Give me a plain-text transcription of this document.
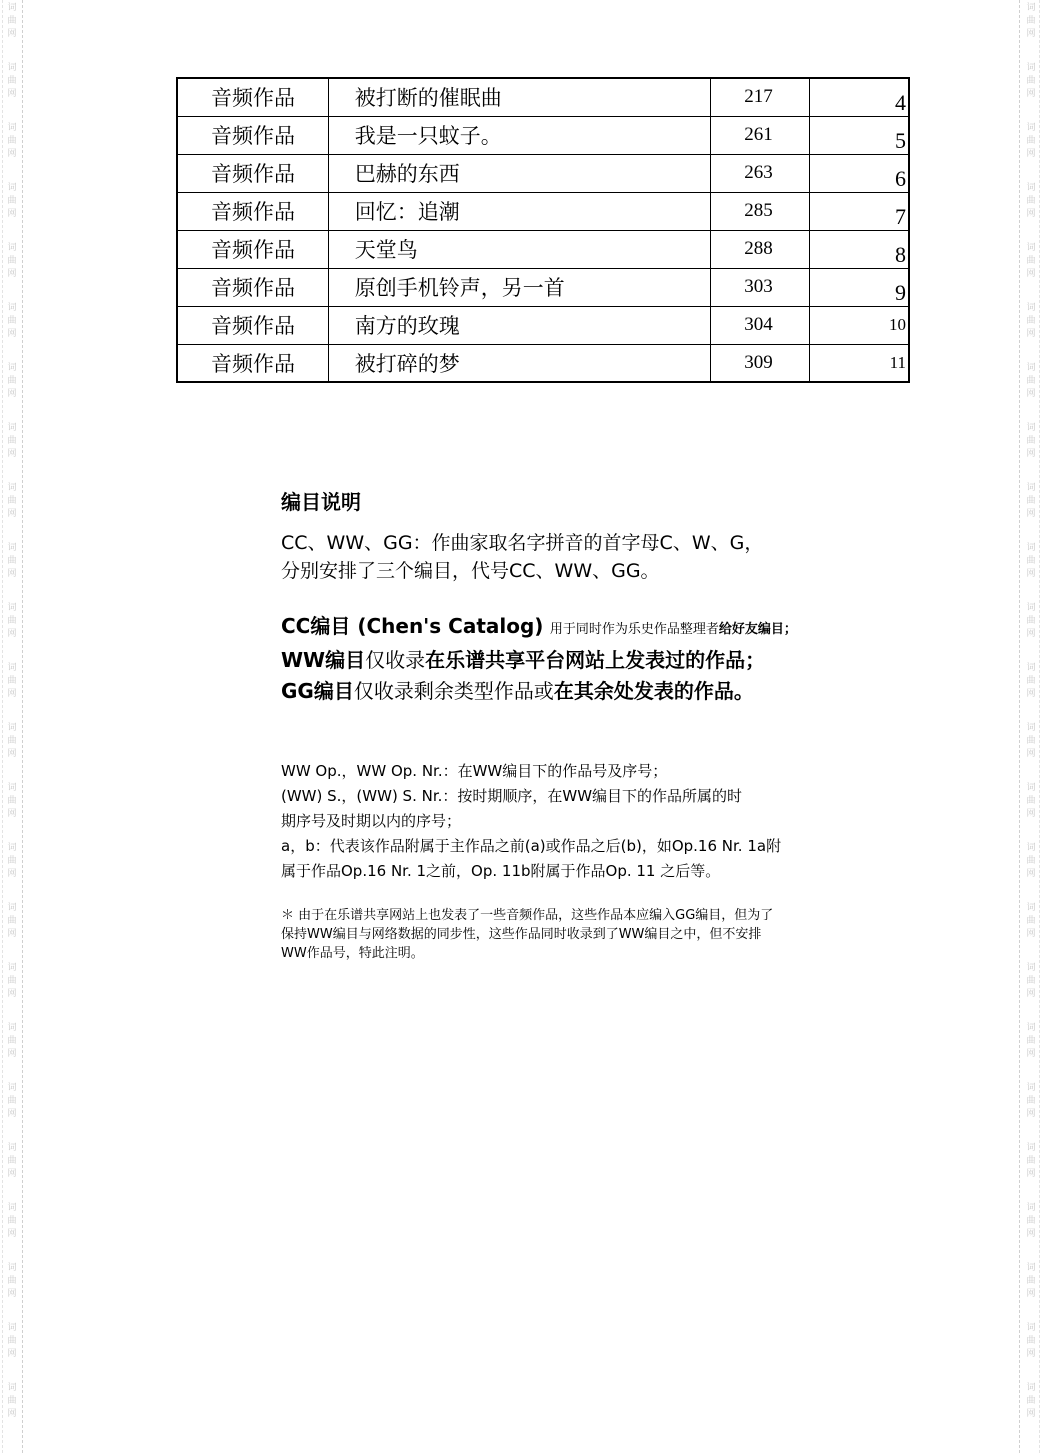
词
曲
网
词
曲
网
词
曲
网
词
曲
网
词
曲
网
词
曲
网
词
曲
网
词
曲
网
词
曲
网
词
曲
网
词
曲
网
词
曲
网
词
曲
网
词
曲
网
词
曲
网
词
曲
网
词
曲
网
词
曲
网
词
曲
网
词
曲
网
词
曲
网
词
曲
网
词
曲
网
词
曲
网
词
曲
网
词
曲
网
词
曲
网
词
曲
网
词
曲
网
词
曲
网
词
曲
网
词
曲
网
词
曲
网
词
曲
网
词
曲
网
词
曲
网
词
曲
网
词
曲
网
词
曲
网
词
曲
网
词
曲
网
词
曲
网
词
曲
网
词
曲
网
词
曲
网
词
曲
网
词
曲
网
词
曲
网
音频作品	被打断的催眠曲	217	4
音频作品	我是一只蚊子。	261	5
音频作品	巴赫的东西	263	6
音频作品	回忆：追潮	285	7
音频作品	天堂鸟	288	8
音频作品	原创手机铃声，另一首	303	9
音频作品	南方的玫瑰	304	10
音频作品	被打碎的梦	309	11

编目说明

CC、WW、GG：作曲家取名字拼音的首字母C、W、G，

分别安排了三个编目，代号CC、WW、GG。

CC编目 (Chen's Catalog) 用于同时作为乐史作品整理者给好友编目；

WW编目仅收录在乐谱共享平台网站上发表过的作品；

GG编目仅收录剩余类型作品或在其余处发表的作品。

WW Op.，WW Op. Nr.：在WW编目下的作品号及序号；

(WW) S.，(WW) S. Nr.：按时期顺序，在WW编目下的作品所属的时

期序号及时期以内的序号；

a，b：代表该作品附属于主作品之前(a)或作品之后(b)，如Op.16 Nr. 1a附

属于作品Op.16 Nr. 1之前，Op. 11b附属于作品Op. 11 之后等。

＊ 由于在乐谱共享网站上也发表了一些音频作品，这些作品本应编入GG编目，但为了

保持WW编目与网络数据的同步性，这些作品同时收录到了WW编目之中，但不安排

WW作品号，特此注明。
